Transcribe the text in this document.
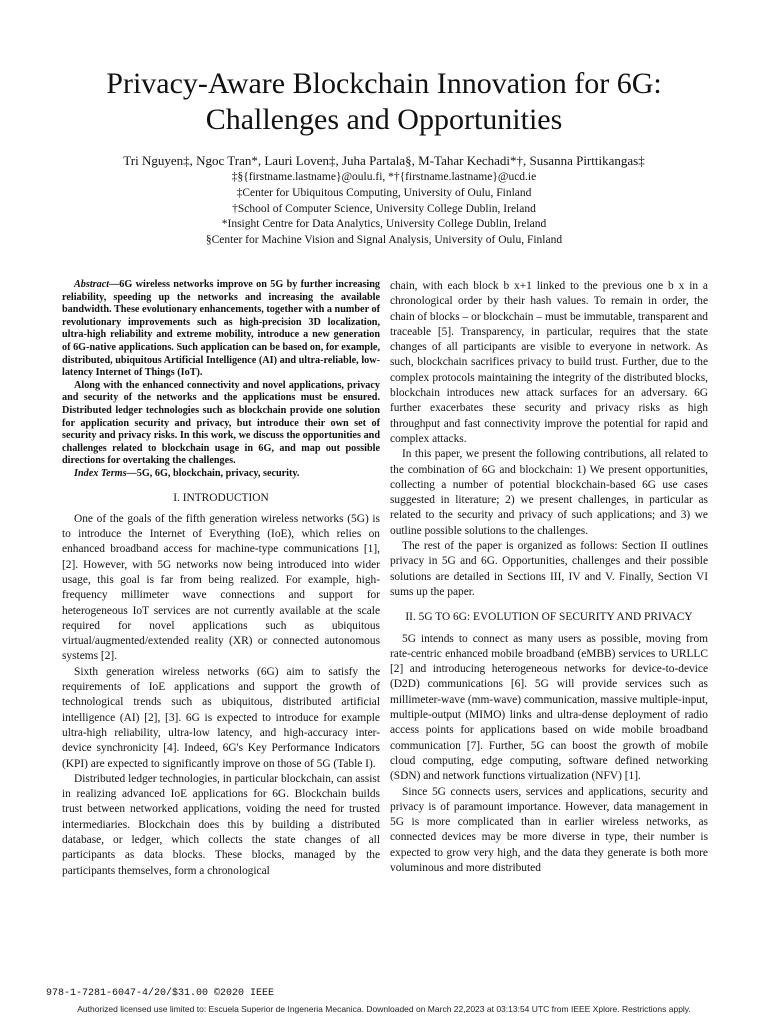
Privacy-Aware Blockchain Innovation for 6G:
Challenges and Opportunities
Tri Nguyen‡, Ngoc Tran*, Lauri Loven‡, Juha Partala§, M-Tahar Kechadi*†, Susanna Pirttikangas‡
‡§{firstname.lastname}@oulu.fi, *†{firstname.lastname}@ucd.ie
‡Center for Ubiquitous Computing, University of Oulu, Finland
†School of Computer Science, University College Dublin, Ireland
*Insight Centre for Data Analytics, University College Dublin, Ireland
§Center for Machine Vision and Signal Analysis, University of Oulu, Finland

Abstract—6G wireless networks improve on 5G by further increasing reliability, speeding up the networks and increasing the available bandwidth. These evolutionary enhancements, together with a number of revolutionary improvements such as high-precision 3D localization, ultra-high reliability and extreme mobility, introduce a new generation of 6G-native applications. Such application can be based on, for example, distributed, ubiquitous Artificial Intelligence (AI) and ultra-reliable, low-latency Internet of Things (IoT).

Along with the enhanced connectivity and novel applications, privacy and security of the networks and the applications must be ensured. Distributed ledger technologies such as blockchain provide one solution for application security and privacy, but introduce their own set of security and privacy risks. In this work, we discuss the opportunities and challenges related to blockchain usage in 6G, and map out possible directions for overtaking the challenges.

Index Terms—5G, 6G, blockchain, privacy, security.

I. INTRODUCTION

One of the goals of the fifth generation wireless networks (5G) is to introduce the Internet of Everything (IoE), which relies on enhanced broadband access for machine-type communications [1], [2]. However, with 5G networks now being introduced into wider usage, this goal is far from being realized. For example, high-frequency millimeter wave connections and support for heterogeneous IoT services are not currently available at the scale required for novel applications such as ubiquitous virtual/augmented/extended reality (XR) or connected autonomous systems [2].

Sixth generation wireless networks (6G) aim to satisfy the requirements of IoE applications and support the growth of technological trends such as ubiquitous, distributed artificial intelligence (AI) [2], [3]. 6G is expected to introduce for example ultra-high reliability, ultra-low latency, and high-accuracy inter-device synchronicity [4]. Indeed, 6G's Key Performance Indicators (KPI) are expected to significantly improve on those of 5G (Table I).

Distributed ledger technologies, in particular blockchain, can assist in realizing advanced IoE applications for 6G. Blockchain builds trust between networked applications, voiding the need for trusted intermediaries. Blockchain does this by building a distributed database, or ledger, which collects the state changes of all participants as data blocks. These blocks, managed by the participants themselves, form a chronological

chain, with each block b x+1 linked to the previous one b x in a chronological order by their hash values. To remain in order, the chain of blocks – or blockchain – must be immutable, transparent and traceable [5]. Transparency, in particular, requires that the state changes of all participants are visible to everyone in network. As such, blockchain sacrifices privacy to build trust. Further, due to the complex protocols maintaining the integrity of the distributed blocks, blockchain introduces new attack surfaces for an adversary. 6G further exacerbates these security and privacy risks as high throughput and fast connectivity improve the potential for rapid and complex attacks.

In this paper, we present the following contributions, all related to the combination of 6G and blockchain: 1) We present opportunities, collecting a number of potential blockchain-based 6G use cases suggested in literature; 2) we present challenges, in particular as related to the security and privacy of such applications; and 3) we outline possible solutions to the challenges.

The rest of the paper is organized as follows: Section II outlines privacy in 5G and 6G. Opportunities, challenges and their possible solutions are detailed in Sections III, IV and V. Finally, Section VI sums up the paper.

II. 5G TO 6G: EVOLUTION OF SECURITY AND PRIVACY

5G intends to connect as many users as possible, moving from rate-centric enhanced mobile broadband (eMBB) services to URLLC [2] and introducing heterogeneous networks for device-to-device (D2D) communications [6]. 5G will provide services such as millimeter-wave (mm-wave) communication, massive multiple-input, multiple-output (MIMO) links and ultra-dense deployment of radio access points for applications based on wide mobile broadband communication [7]. Further, 5G can boost the growth of mobile cloud computing, edge computing, software defined networking (SDN) and network functions virtualization (NFV) [1].

Since 5G connects users, services and applications, security and privacy is of paramount importance. However, data management in 5G is more complicated than in earlier wireless networks, as connected devices may be more diverse in type, their number is expected to grow very high, and the data they generate is both more voluminous and more distributed

978-1-7281-6047-4/20/$31.00 ©2020 IEEE
Authorized licensed use limited to: Escuela Superior de Ingeneria Mecanica. Downloaded on March 22,2023 at 03:13:54 UTC from IEEE Xplore. Restrictions apply.
